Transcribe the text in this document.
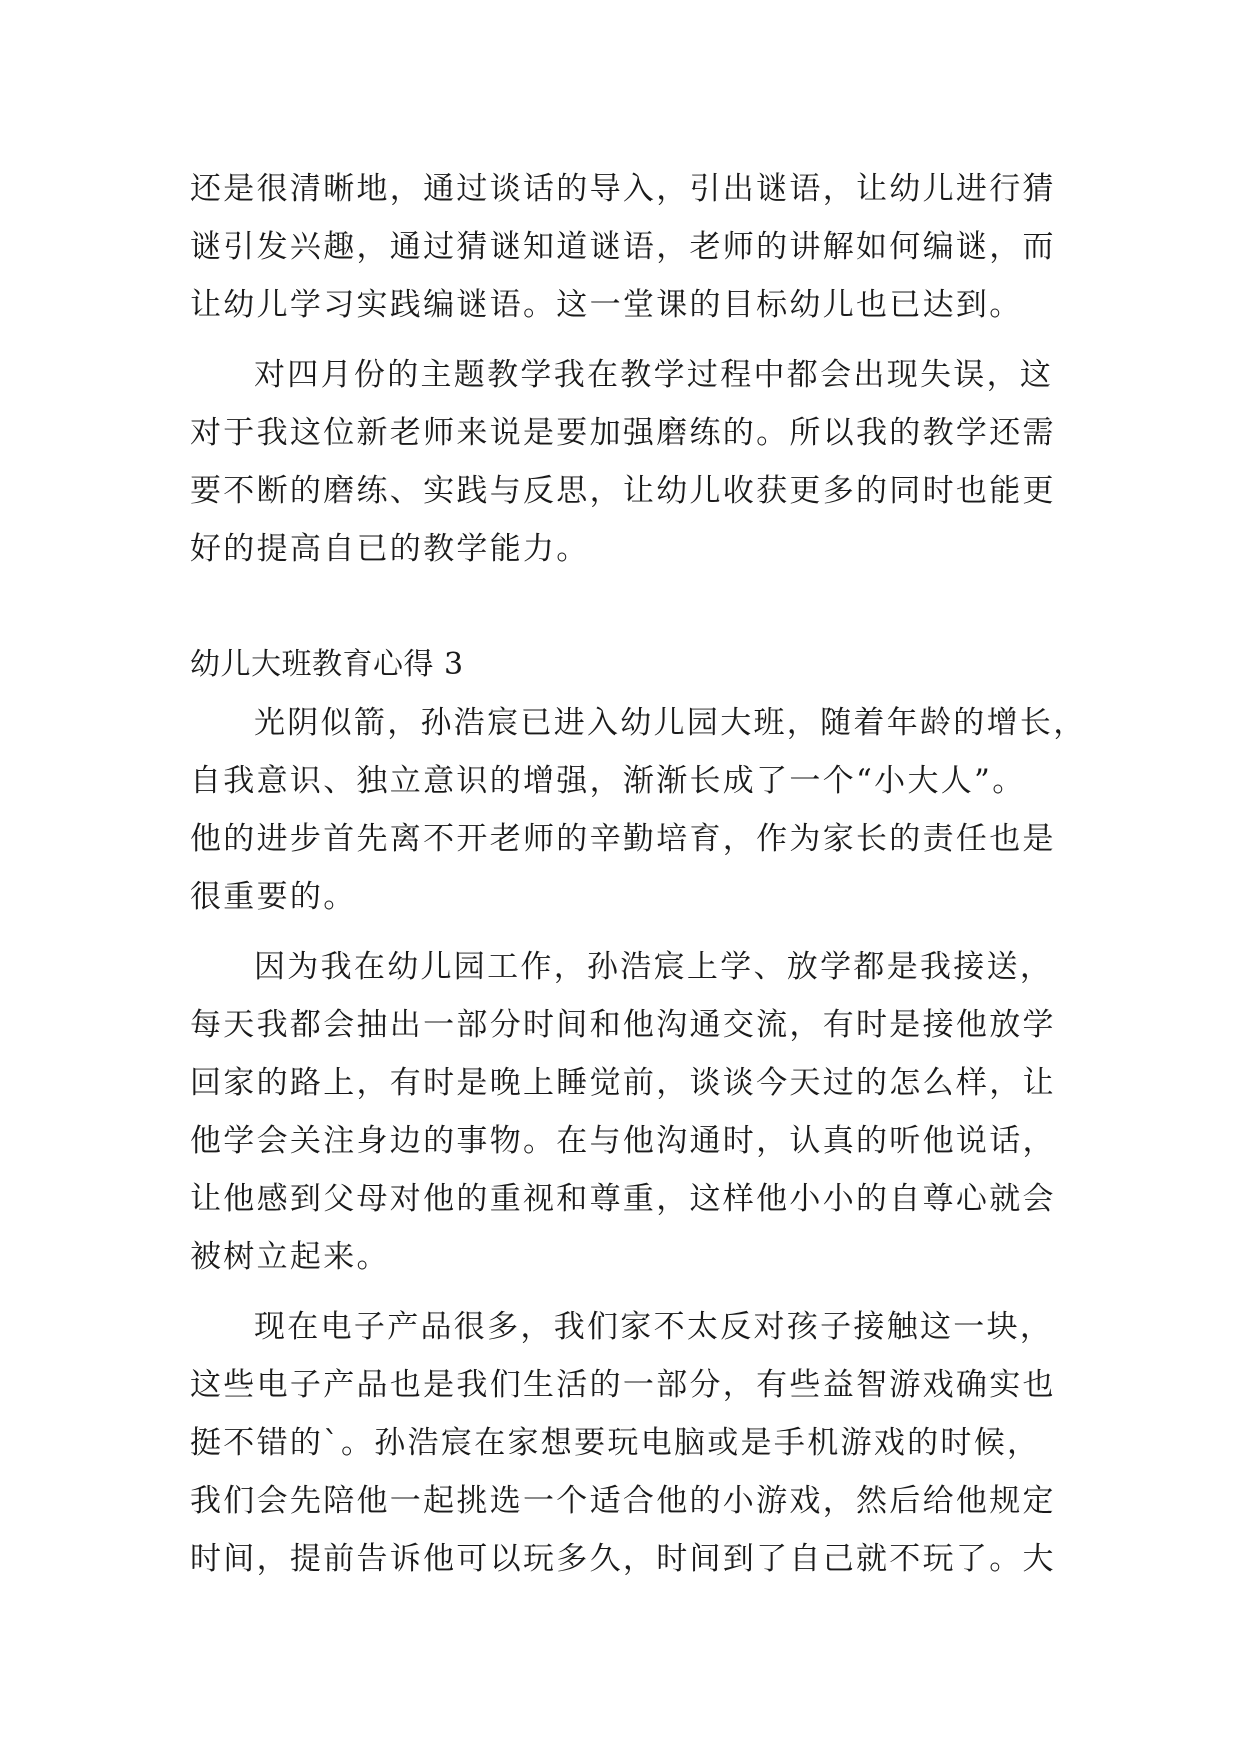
还是很清晰地，通过谈话的导入，引出谜语，让幼儿进行猜
谜引发兴趣，通过猜谜知道谜语，老师的讲解如何编谜，而
让幼儿学习实践编谜语。这一堂课的目标幼儿也已达到。
对四月份的主题教学我在教学过程中都会出现失误，这
对于我这位新老师来说是要加强磨练的。所以我的教学还需
要不断的磨练、实践与反思，让幼儿收获更多的同时也能更
好的提高自已的教学能力。
幼儿大班教育心得 3
光阴似箭，孙浩宸已进入幼儿园大班，随着年龄的增长，
自我意识、独立意识的增强，渐渐长成了一个“小大人”。
他的进步首先离不开老师的辛勤培育，作为家长的责任也是
很重要的。
因为我在幼儿园工作，孙浩宸上学、放学都是我接送，
每天我都会抽出一部分时间和他沟通交流，有时是接他放学
回家的路上，有时是晚上睡觉前，谈谈今天过的怎么样，让
他学会关注身边的事物。在与他沟通时，认真的听他说话，
让他感到父母对他的重视和尊重，这样他小小的自尊心就会
被树立起来。
现在电子产品很多，我们家不太反对孩子接触这一块，
这些电子产品也是我们生活的一部分，有些益智游戏确实也
挺不错的`。孙浩宸在家想要玩电脑或是手机游戏的时候，
我们会先陪他一起挑选一个适合他的小游戏，然后给他规定
时间，提前告诉他可以玩多久，时间到了自己就不玩了。大
